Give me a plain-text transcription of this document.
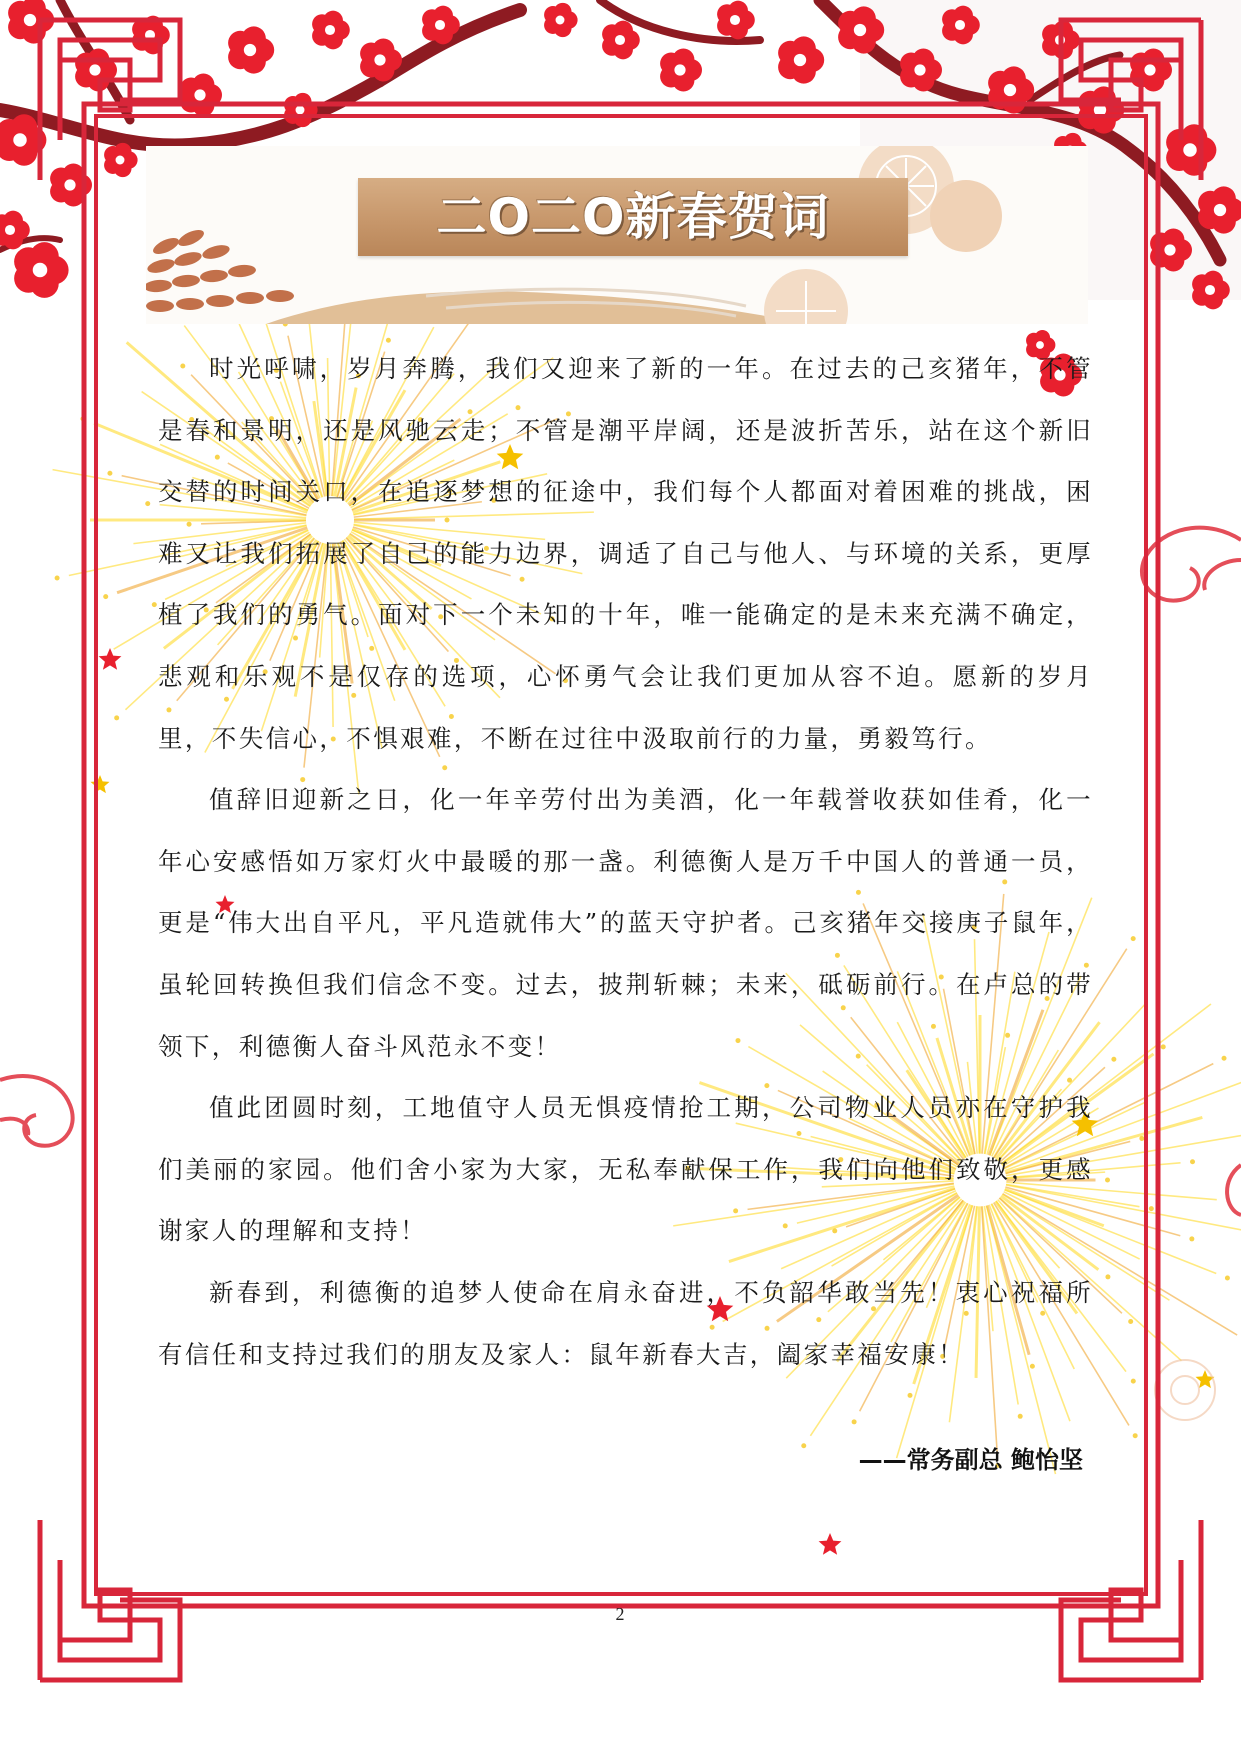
二O二O新春贺词

时光呼啸，岁月奔腾，我们又迎来了新的一年。在过去的己亥猪年，不管是春和景明，还是风驰云走；不管是潮平岸阔，还是波折苦乐，站在这个新旧交替的时间关口，在追逐梦想的征途中，我们每个人都面对着困难的挑战，困难又让我们拓展了自己的能力边界，调适了自己与他人、与环境的关系，更厚植了我们的勇气。面对下一个未知的十年，唯一能确定的是未来充满不确定，悲观和乐观不是仅存的选项，心怀勇气会让我们更加从容不迫。愿新的岁月里，不失信心，不惧艰难，不断在过往中汲取前行的力量，勇毅笃行。

值辞旧迎新之日，化一年辛劳付出为美酒，化一年载誉收获如佳肴，化一年心安感悟如万家灯火中最暖的那一盏。利德衡人是万千中国人的普通一员，更是“伟大出自平凡，平凡造就伟大”的蓝天守护者。己亥猪年交接庚子鼠年，虽轮回转换但我们信念不变。过去，披荆斩棘；未来，砥砺前行。在卢总的带领下，利德衡人奋斗风范永不变！

值此团圆时刻，工地值守人员无惧疫情抢工期，公司物业人员亦在守护我们美丽的家园。他们舍小家为大家，无私奉献保工作，我们向他们致敬，更感谢家人的理解和支持！

新春到，利德衡的追梦人使命在肩永奋进，不负韶华敢当先！衷心祝福所有信任和支持过我们的朋友及家人：鼠年新春大吉，阖家幸福安康！

——常务副总 鲍怡坚
2
